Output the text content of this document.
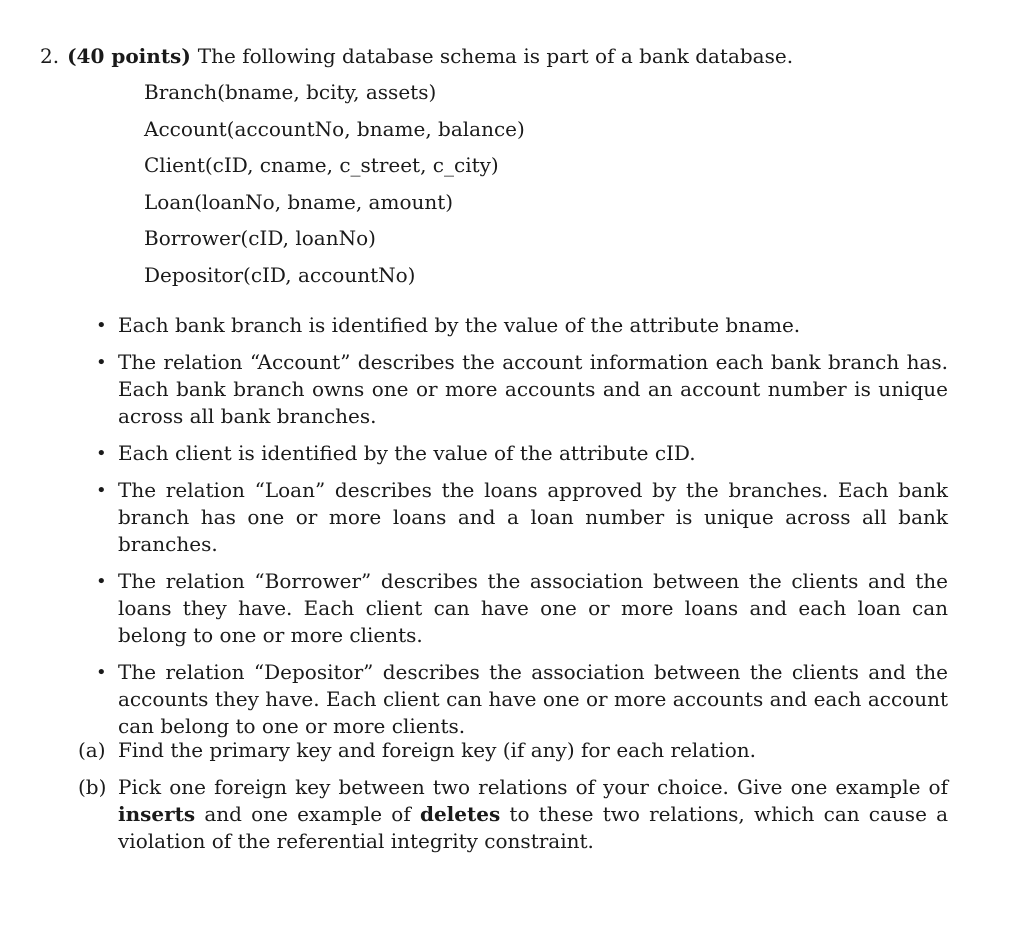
2. (40 points) The following database schema is part of a bank database.
Branch(bname, bcity, assets)
Account(accountNo, bname, balance)
Client(cID, cname, c_street, c_city)
Loan(loanNo, bname, amount)
Borrower(cID, loanNo)
Depositor(cID, accountNo)
• Each bank branch is identified by the value of the attribute bname.
• The relation “Account” describes the account information each bank branch has. Each bank branch owns one or more accounts and an account number is unique across all bank branches.
• Each client is identified by the value of the attribute cID.
• The relation “Loan” describes the loans approved by the branches. Each bank branch has one or more loans and a loan number is unique across all bank branches.
• The relation “Borrower” describes the association between the clients and the loans they have. Each client can have one or more loans and each loan can belong to one or more clients.
• The relation “Depositor” describes the association between the clients and the accounts they have. Each client can have one or more accounts and each account can belong to one or more clients.
(a) Find the primary key and foreign key (if any) for each relation.
(b) Pick one foreign key between two relations of your choice. Give one example of inserts and one example of deletes to these two relations, which can cause a violation of the referential integrity constraint.
